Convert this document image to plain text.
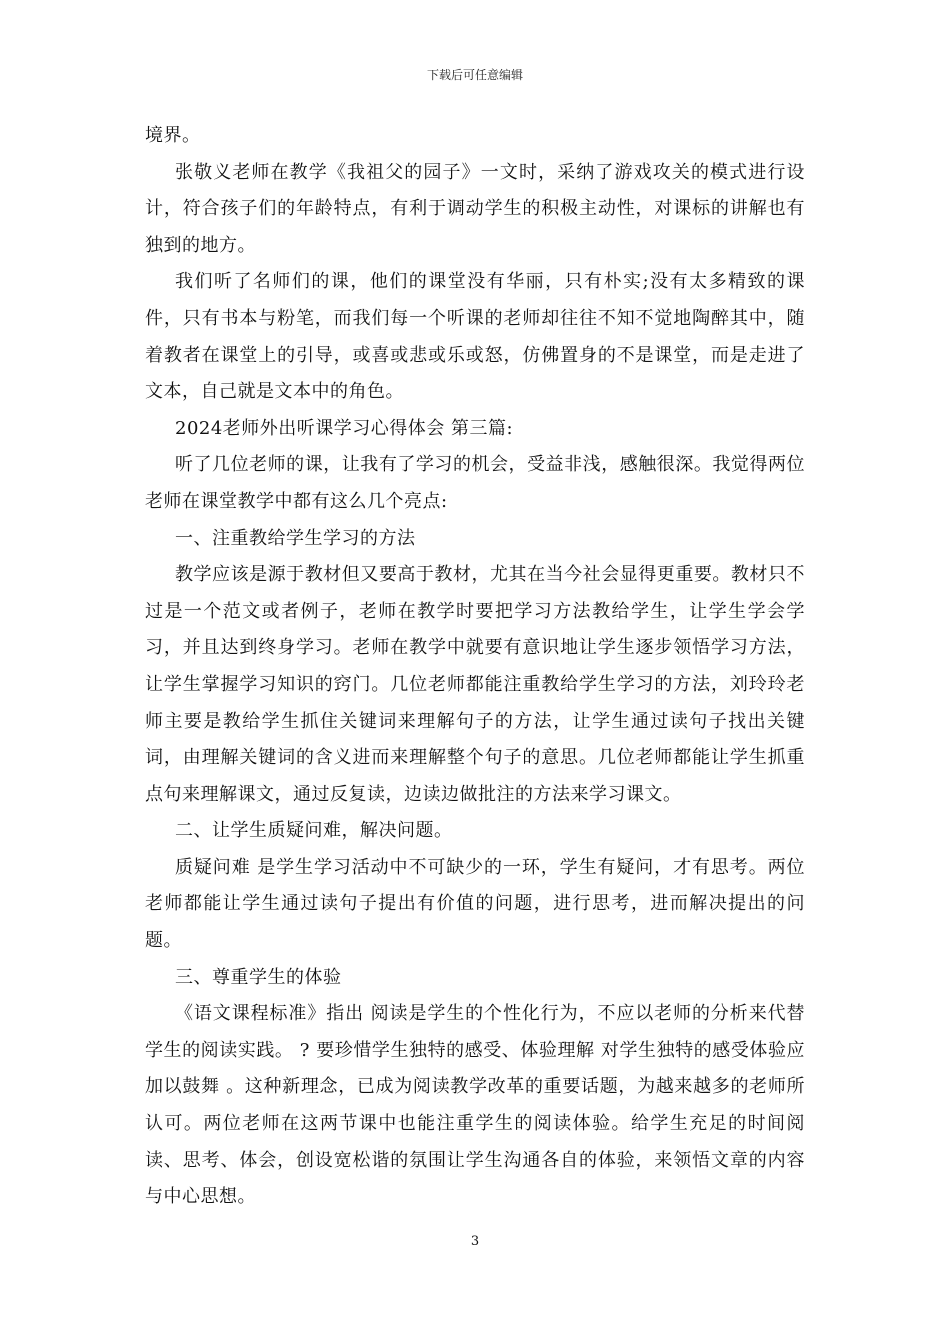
下载后可任意编辑

境界。

张敬义老师在教学《我祖父的园子》一文时，采纳了游戏攻关的模式进行设计，符合孩子们的年龄特点，有利于调动学生的积极主动性，对课标的讲解也有独到的地方。

我们听了名师们的课，他们的课堂没有华丽，只有朴实;没有太多精致的课件，只有书本与粉笔，而我们每一个听课的老师却往往不知不觉地陶醉其中，随着教者在课堂上的引导，或喜或悲或乐或怒，仿佛置身的不是课堂，而是走进了文本，自己就是文本中的角色。

2024老师外出听课学习心得体会 第三篇:

听了几位老师的课，让我有了学习的机会，受益非浅，感触很深。我觉得两位老师在课堂教学中都有这么几个亮点:

一、注重教给学生学习的方法

教学应该是源于教材但又要高于教材，尤其在当今社会显得更重要。教材只不过是一个范文或者例子，老师在教学时要把学习方法教给学生，让学生学会学习，并且达到终身学习。老师在教学中就要有意识地让学生逐步领悟学习方法，让学生掌握学习知识的窍门。几位老师都能注重教给学生学习的方法，刘玲玲老师主要是教给学生抓住关键词来理解句子的方法，让学生通过读句子找出关键词，由理解关键词的含义进而来理解整个句子的意思。几位老师都能让学生抓重点句来理解课文，通过反复读，边读边做批注的方法来学习课文。

二、让学生质疑问难，解决问题。

质疑问难 是学生学习活动中不可缺少的一环，学生有疑问，才有思考。两位老师都能让学生通过读句子提出有价值的问题，进行思考，进而解决提出的问题。

三、尊重学生的体验

《语文课程标准》指出 阅读是学生的个性化行为，不应以老师的分析来代替学生的阅读实践。 ? 要珍惜学生独特的感受、体验理解 对学生独特的感受体验应加以鼓舞 。这种新理念，已成为阅读教学改革的重要话题，为越来越多的老师所认可。两位老师在这两节课中也能注重学生的阅读体验。给学生充足的时间阅读、思考、体会，创设宽松谐的氛围让学生沟通各自的体验，来领悟文章的内容与中心思想。

3
